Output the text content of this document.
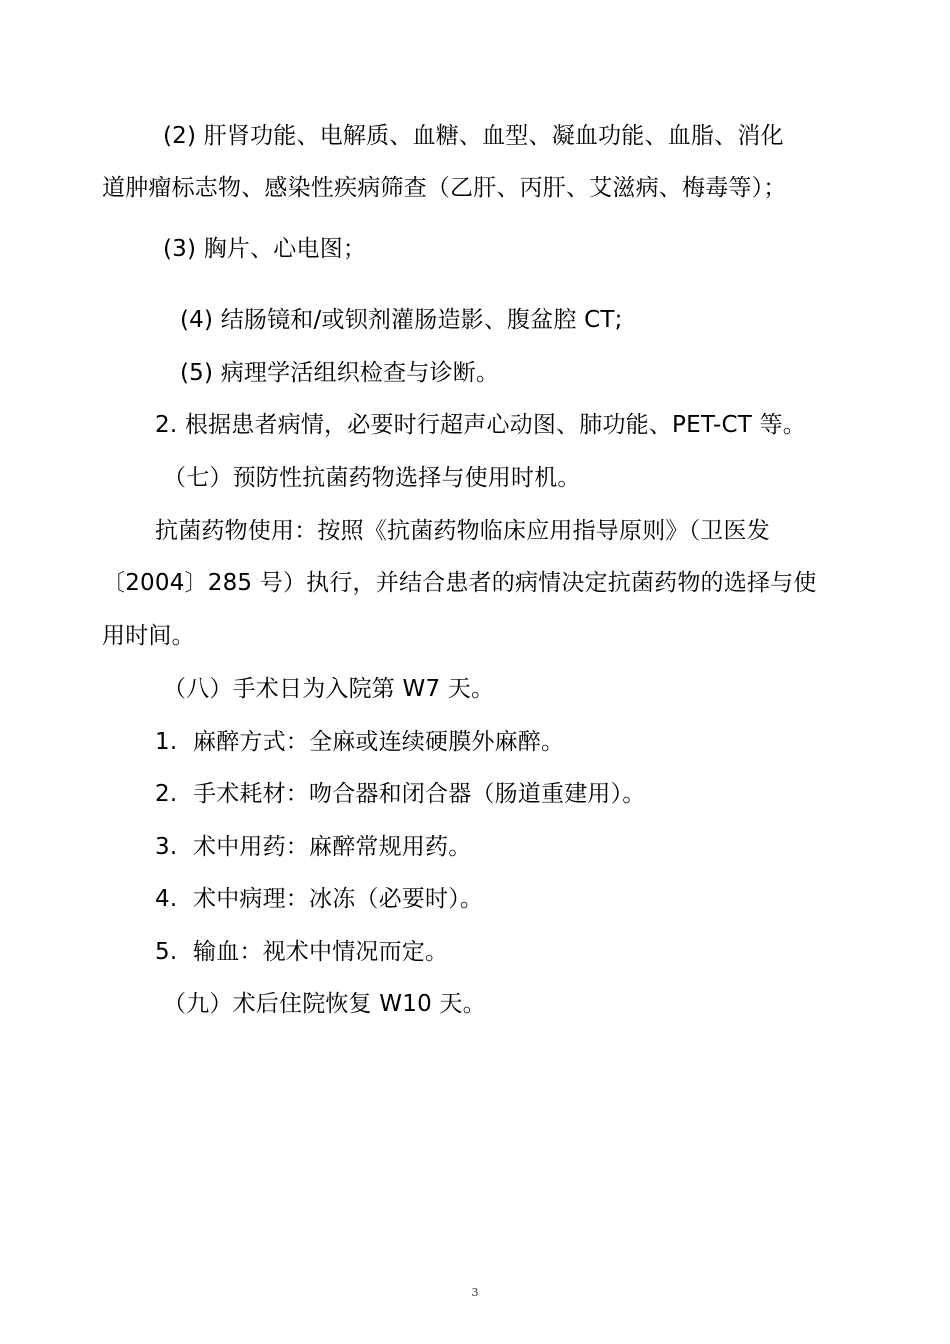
(2) 肝肾功能、电解质、血糖、血型、凝血功能、血脂、消化
道肿瘤标志物、感染性疾病筛查（乙肝、丙肝、艾滋病、梅毒等）；
(3) 胸片、心电图；
(4) 结肠镜和/或钡剂灌肠造影、腹盆腔 CT;
(5) 病理学活组织检查与诊断。
2. 根据患者病情，必要时行超声心动图、肺功能、PET-CT 等。
（七）预防性抗菌药物选择与使用时机。
抗菌药物使用：按照《抗菌药物临床应用指导原则》（卫医发
〔2004〕285 号）执行，并结合患者的病情决定抗菌药物的选择与使
用时间。
（八）手术日为入院第 W7 天。
1. 麻醉方式：全麻或连续硬膜外麻醉。
2. 手术耗材：吻合器和闭合器（肠道重建用）。
3. 术中用药：麻醉常规用药。
4. 术中病理：冰冻（必要时）。
5. 输血：视术中情况而定。
（九）术后住院恢复 W10 天。
3
